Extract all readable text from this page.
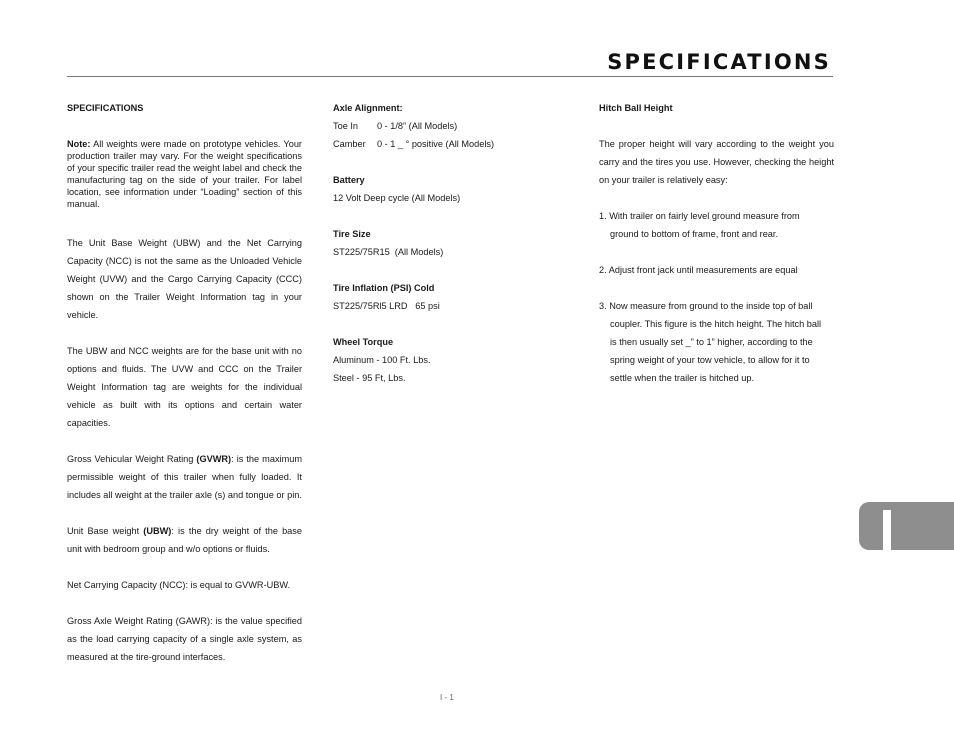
SPECIFICATIONS

SPECIFICATIONS

Note: All weights were made on prototype vehicles. Your production trailer may vary. For the weight specifications of your specific trailer read the weight label and check the manufacturing tag on the side of your trailer. For label location, see information under “Loading” section of this manual.

The Unit Base Weight (UBW) and the Net Carrying Capacity (NCC) is not the same as the Unloaded Vehicle Weight (UVW) and the Cargo Carrying Capacity (CCC) shown on the Trailer Weight Information tag in your vehicle.

The UBW and NCC weights are for the base unit with no options and fluids. The UVW and CCC on the Trailer Weight Information tag are weights for the individual vehicle as built with its options and certain water capacities.

Gross Vehicular Weight Rating (GVWR): is the maximum permissible weight of this trailer when fully loaded. It includes all weight at the trailer axle (s) and tongue or pin.

Unit Base weight (UBW): is the dry weight of the base unit with bedroom group and w/o options or fluids.

Net Carrying Capacity (NCC): is equal to GVWR-UBW.

Gross Axle Weight Rating (GAWR): is the value specified as the load carrying capacity of a single axle system, as measured at the tire-ground interfaces.

Axle Alignment:

Toe In 0 - 1/8” (All Models)

Camber 0 - 1 _ ° positive (All Models)

Battery

12 Volt Deep cycle (All Models)

Tire Size

ST225/75R15  (All Models)

Tire Inflation (PSI) Cold

ST225/75Rl5 LRD   65 psi

Wheel Torque

Aluminum - 100 Ft. Lbs.

Steel - 95 Ft, Lbs.

Hitch Ball Height

The proper height will vary according to the weight you carry and the tires you use. However, checking the height on your trailer is relatively easy:

1. With trailer on fairly level ground measure from

ground to bottom of frame, front and rear.

2. Adjust front jack until measurements are equal

3. Now measure from ground to the inside top of ball

coupler. This figure is the hitch height. The hitch ball

is then usually set _” to 1” higher, according to the

spring weight of your tow vehicle, to allow for it to

settle when the trailer is hitched up.

I - 1
